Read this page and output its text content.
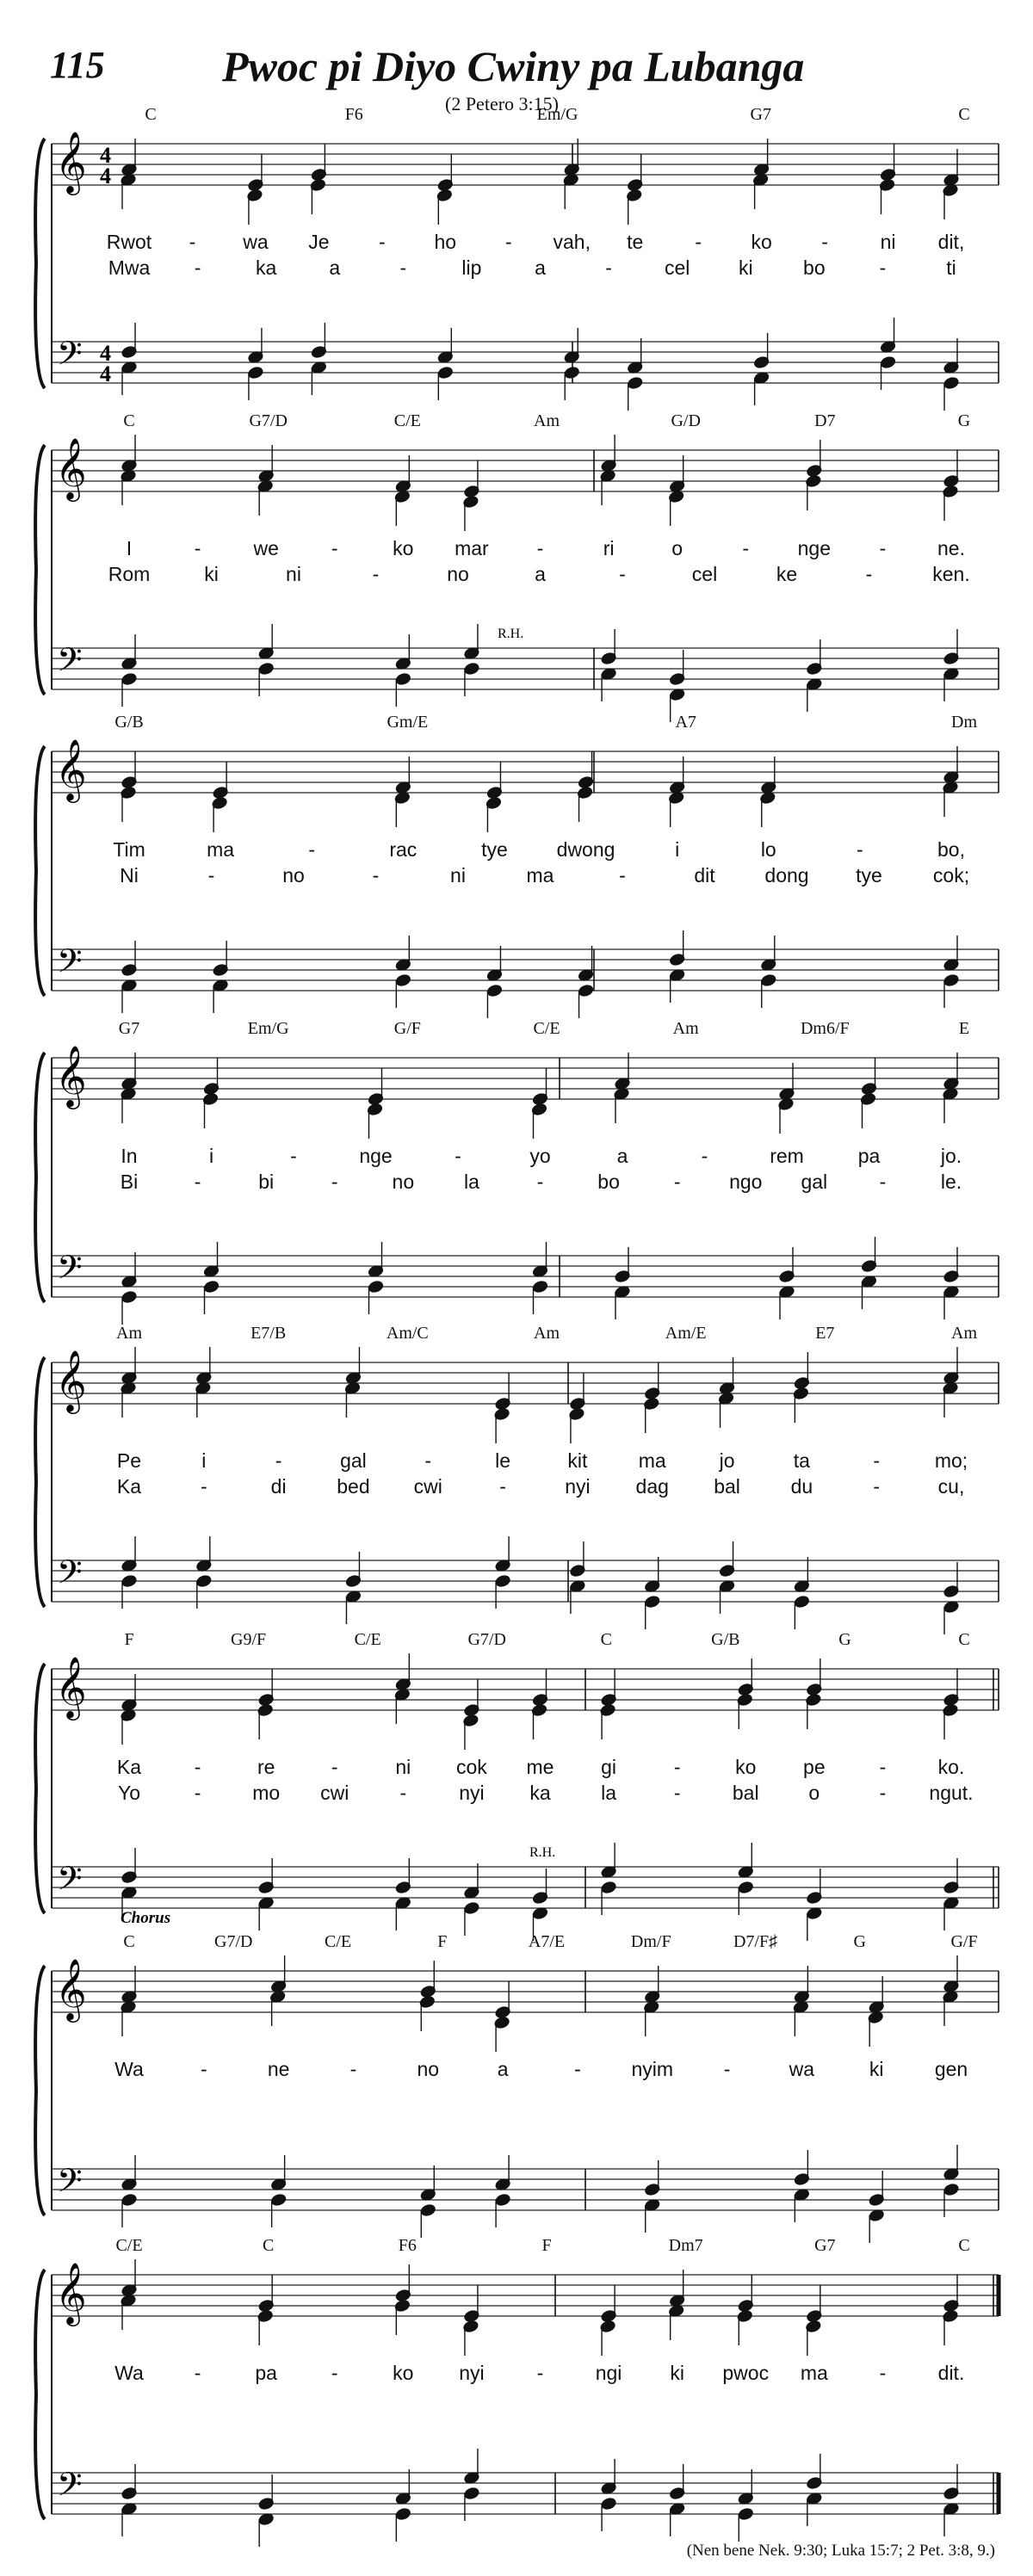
115	Pwoc pi Diyo Cwiny pa Lubanga
(2 Petero 3:15)
𝄞
𝄢
4
4
4
4
C	F6	Em/G	G7	C
Rwot - wa Je - ho - vah, te	- ko -	ni dit,
Mwa -	ka	a	-	lip	a	-	cel ki	bo	-	ti
𝄞
𝄢
C	G7/D	C/E	Am	G/D	D7	G
I	-	we	-	ko mar -	ri	o	- nge -	ne.
Rom	ki	ni	-	no	a	-	cel	ke	-	ken.
R.H.
𝄞
𝄢
G/B	Gm/E	A7	Dm
Tim	ma	-	rac	tye dwong	i	lo	-	bo,
Ni	-	no	-	ni	ma	-	dit	dong tye	cok;
𝄞
𝄢
G7	Em/G	G/F	C/E	Am	Dm6/F	E
In	i	-	nge	-	yo	a	-	rem	pa	jo.
Bi	-	bi	-	no	la	-	bo	- ngo gal	-	le.
𝄞
𝄢
Am	E7/B	Am/C	Am	Am/E	E7	Am
Pe	i	-	gal	-	le	kit	ma	jo	ta	-	mo;
Ka	-	di	bed cwi	-	nyi dag bal	du	-	cu,
𝄞
𝄢
F	G9/F	C/E	G7/D	C	G/B	G	C
Ka	-	re	-	ni cok me gi	-	ko pe	-	ko.
Yo	-	mo cwi	-	nyi ka	la	-	bal	o	- ngut.
R.H.
𝄞
𝄢
C	G7/D	C/E	F	A7/E	Dm/F	D7/F♯	G	G/F
Chorus
Wa	-	ne	-	no	a	-	nyim	-	wa	ki	gen
𝄞
𝄢
C/E	C	F6	F	Dm7	G7	C
Wa	-	pa	-	ko nyi	-	ngi ki pwoc ma	-	dit.
(Nen bene Nek. 9:30; Luka 15:7; 2 Pet. 3:8, 9.)
